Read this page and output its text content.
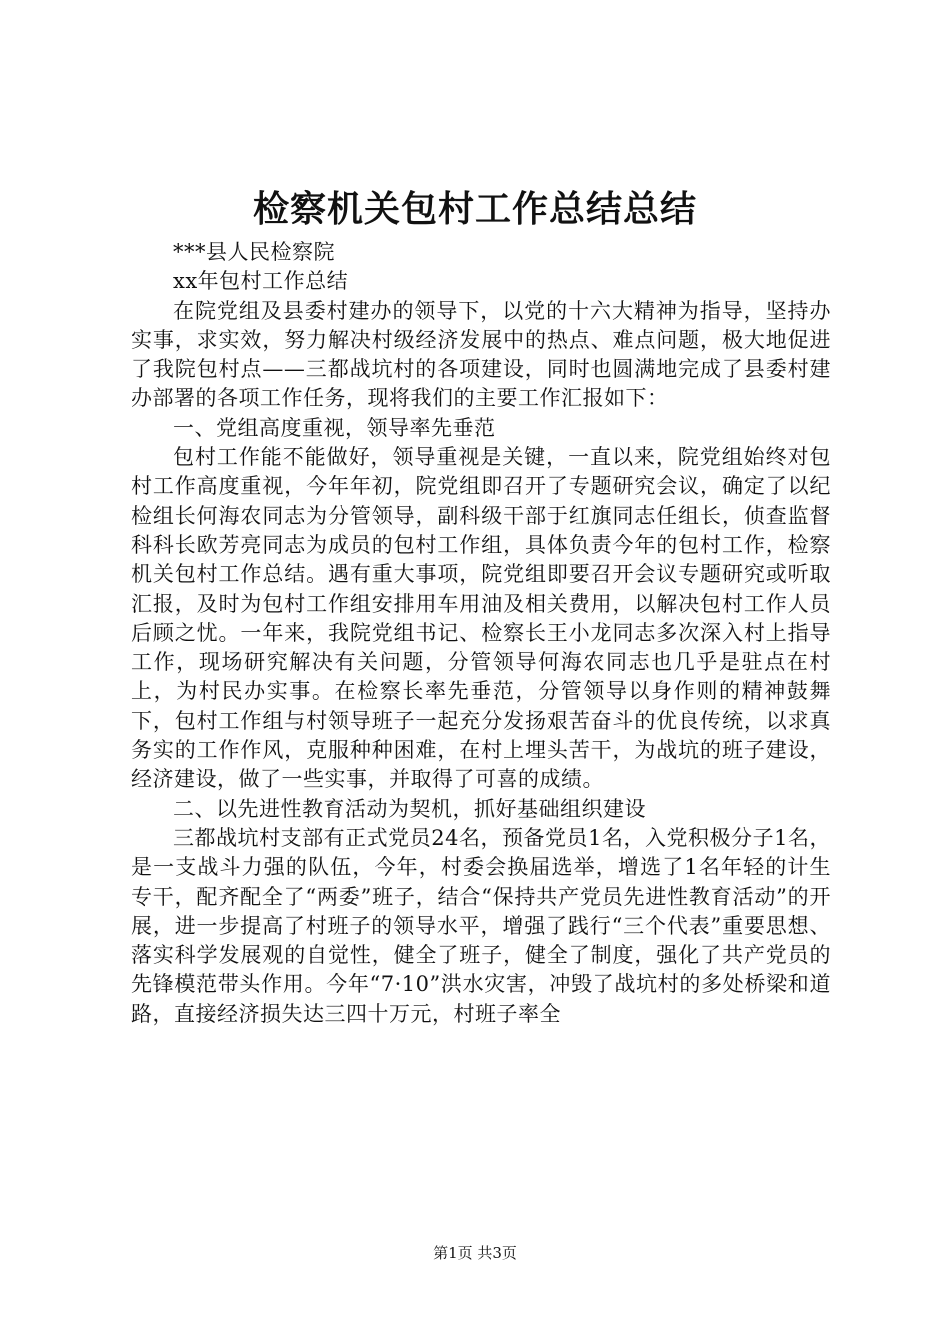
检察机关包村工作总结总结

***县人民检察院

xx年包村工作总结

在院党组及县委村建办的领导下，以党的十六大精神为指导，坚持办实事，求实效，努力解决村级经济发展中的热点、难点问题，极大地促进了我院包村点——三都战坑村的各项建设，同时也圆满地完成了县委村建办部署的各项工作任务，现将我们的主要工作汇报如下：

一、党组高度重视，领导率先垂范

包村工作能不能做好，领导重视是关键，一直以来，院党组始终对包村工作高度重视，今年年初，院党组即召开了专题研究会议，确定了以纪检组长何海农同志为分管领导，副科级干部于红旗同志任组长，侦查监督科科长欧芳亮同志为成员的包村工作组，具体负责今年的包村工作，检察机关包村工作总结。遇有重大事项，院党组即要召开会议专题研究或听取汇报，及时为包村工作组安排用车用油及相关费用，以解决包村工作人员后顾之忧。一年来，我院党组书记、检察长王小龙同志多次深入村上指导工作，现场研究解决有关问题，分管领导何海农同志也几乎是驻点在村上，为村民办实事。在检察长率先垂范，分管领导以身作则的精神鼓舞下，包村工作组与村领导班子一起充分发扬艰苦奋斗的优良传统，以求真务实的工作作风，克服种种困难，在村上埋头苦干，为战坑的班子建设，经济建设，做了一些实事，并取得了可喜的成绩。

二、以先进性教育活动为契机，抓好基础组织建设

三都战坑村支部有正式党员24名，预备党员1名，入党积极分子1名，是一支战斗力强的队伍，今年，村委会换届选举，增选了1名年轻的计生专干，配齐配全了“两委”班子，结合“保持共产党员先进性教育活动”的开展，进一步提高了村班子的领导水平，增强了践行“三个代表”重要思想、落实科学发展观的自觉性，健全了班子，健全了制度，强化了共产党员的先锋模范带头作用。今年“7·10”洪水灾害，冲毁了战坑村的多处桥梁和道路，直接经济损失达三四十万元，村班子率全

第1页 共3页
